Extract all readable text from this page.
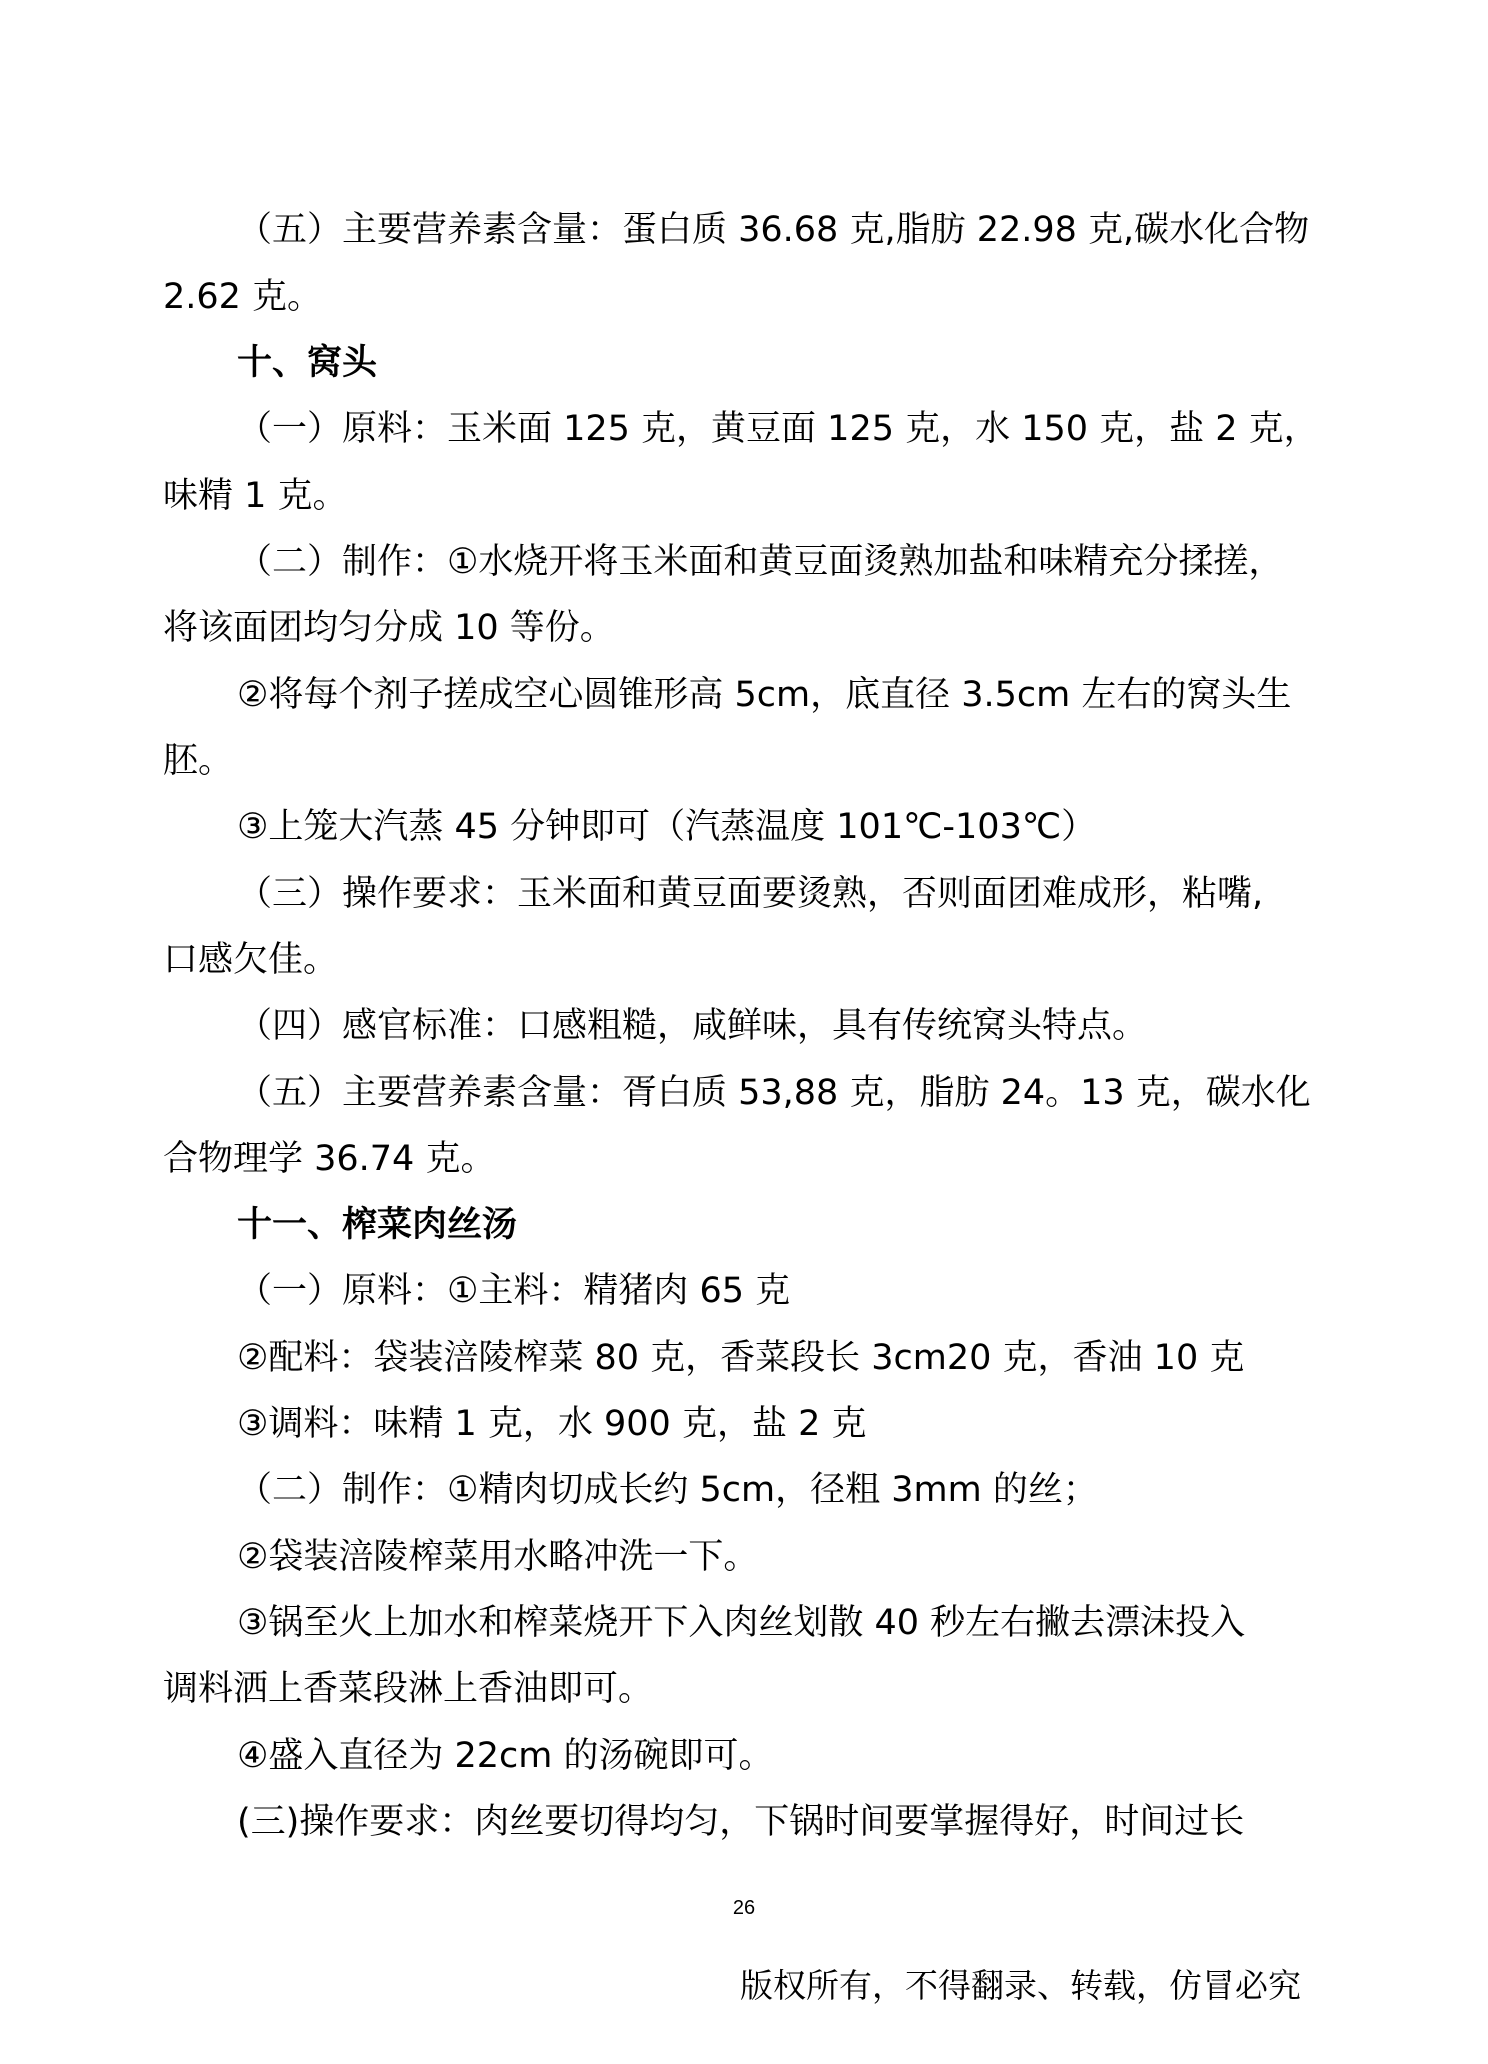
（五）主要营养素含量：蛋白质 36.68 克,脂肪 22.98 克,碳水化合物
2.62 克。
十、窝头
（一）原料：玉米面 125 克，黄豆面 125 克，水 150 克，盐 2 克，
味精 1 克。
（二）制作：①水烧开将玉米面和黄豆面烫熟加盐和味精充分揉搓，
将该面团均匀分成 10 等份。
②将每个剂子搓成空心圆锥形高 5cm，底直径 3.5cm 左右的窝头生
胚。
③上笼大汽蒸 45 分钟即可（汽蒸温度 101℃-103℃）
（三）操作要求：玉米面和黄豆面要烫熟，否则面团难成形，粘嘴,
口感欠佳。
（四）感官标准：口感粗糙，咸鲜味，具有传统窝头特点。
（五）主要营养素含量：胥白质 53,88 克，脂肪 24。13 克，碳水化
合物理学 36.74 克。
十一、榨菜肉丝汤
（一）原料：①主料：精猪肉 65 克
②配料：袋装涪陵榨菜 80 克，香菜段长 3cm20 克，香油 10 克
③调料：味精 1 克，水 900 克，盐 2 克
（二）制作：①精肉切成长约 5cm，径粗 3mm 的丝；
②袋装涪陵榨菜用水略冲洗一下。
③锅至火上加水和榨菜烧开下入肉丝划散 40 秒左右撇去漂沫投入
调料洒上香菜段淋上香油即可。
④盛入直径为 22cm 的汤碗即可。
(三)操作要求：肉丝要切得均匀，下锅时间要掌握得好，时间过长
26
版权所有，不得翻录、转载，仿冒必究
